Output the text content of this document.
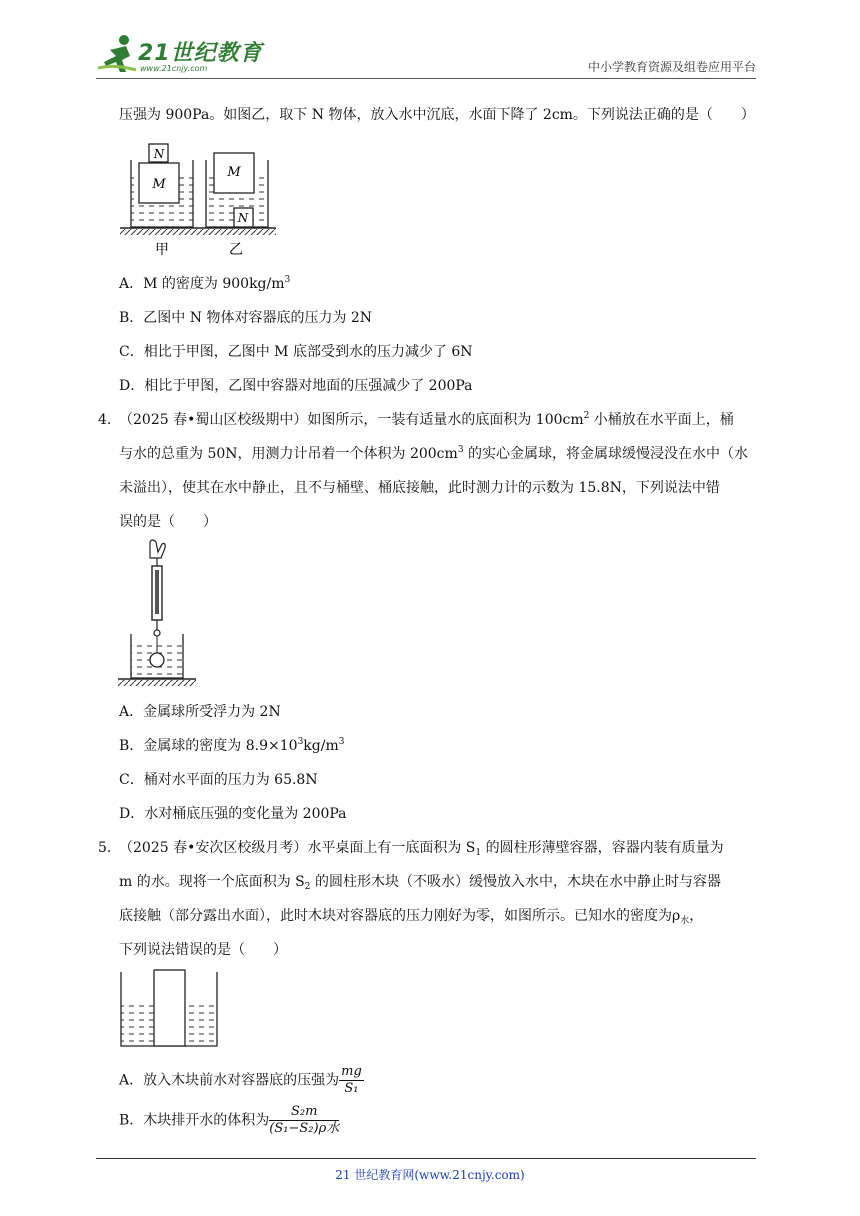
21世纪教育
www.21cnjy.com	中小学教育资源及组卷应用平台
压强为 900Pa。如图乙，取下 N 物体，放入水中沉底，水面下降了 2cm。下列说法正确的是（　　）
N
M
M
N
甲	乙
A．M 的密度为 $900kg/m^3$
B．乙图中 N 物体对容器底的压力为 2N
C．相比于甲图，乙图中 M 底部受到水的压力减少了 6N
D．相比于甲图，乙图中容器对地面的压强减少了 200Pa
4. （2025 春•蜀山区校级期中）如图所示，一装有适量水的底面积为 $100cm^2$ 小桶放在水平面上，桶
与水的总重为 50N，用测力计吊着一个体积为 $200cm^3$ 的实心金属球，将金属球缓慢浸没在水中（水
未溢出），使其在水中静止，且不与桶壁、桶底接触，此时测力计的示数为 15.8N，下列说法中错
误的是（　　）
A．金属球所受浮力为 2N
B．金属球的密度为 $8.9\times 10^3kg/m^3$
C．桶对水平面的压力为 65.8N
D．水对桶底压强的变化量为 200Pa
5. （2025 春•安次区校级月考）水平桌面上有一底面积为 $S_1$ 的圆柱形薄壁容器，容器内装有质量为
m 的水。现将一个底面积为 $S_2$ 的圆柱形木块（不吸水）缓慢放入水中，木块在水中静止时与容器
底接触（部分露出水面），此时木块对容器底的压力刚好为零，如图所示。已知水的密度为$\rho_水$，
下列说法错误的是（　　）
A．放入木块前水对容器底的压强为 $\frac{mg}{\text{S₁}}$
B．木块排开水的体积为 $\frac{\text{S₂m}}{\text{(S₁−S₂)ρ水}}$
21 世纪教育网(www.21cnjy.com)
